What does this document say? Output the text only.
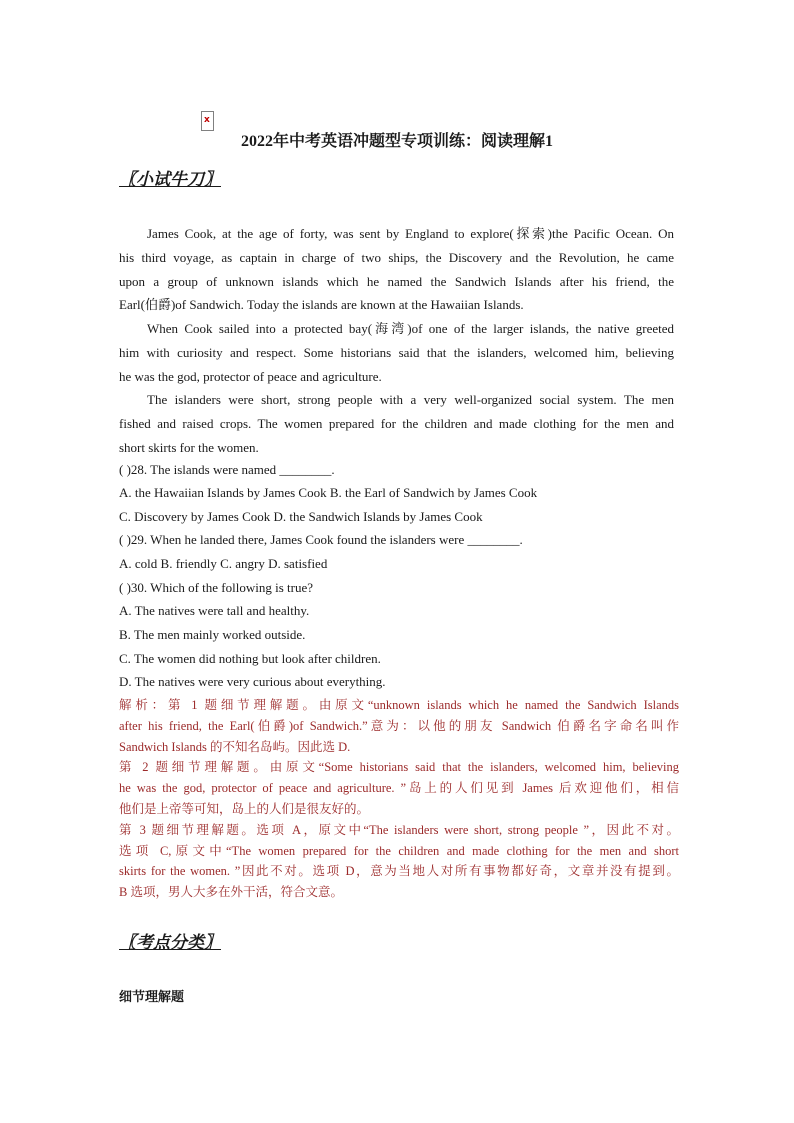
x
2022年中考英语冲题型专项训练：阅读理解1
〖小试牛刀〗
James Cook, at the age of forty, was sent by England to explore(探索)the Pacific Ocean. On
his third voyage, as captain in charge of two ships, the Discovery and the Revolution, he came
upon a group of unknown islands which he named the Sandwich Islands after his friend, the
Earl(伯爵)of Sandwich. Today the islands are known at the Hawaiian Islands.
When Cook sailed into a protected bay(海湾)of one of the larger islands, the native greeted
him with curiosity and respect. Some historians said that the islanders, welcomed him, believing
he was the god, protector of peace and agriculture.
The islanders were short, strong people with a very well-organized social system. The men
fished and raised crops. The women prepared for the children and made clothing for the men and
short skirts for the women.
( )28. The islands were named ________.
A. the Hawaiian Islands by James Cook B. the Earl of Sandwich by James Cook
C. Discovery by James Cook D. the Sandwich Islands by James Cook
( )29. When he landed there, James Cook found the islanders were ________.
A. cold B. friendly C. angry D. satisfied
( )30. Which of the following is true?
A. The natives were tall and healthy.
B. The men mainly worked outside.
C. The women did nothing but look after children.
D. The natives were very curious about everything.
解析：第 1 题细节理解题。由原文“unknown islands which he named the Sandwich Islands
after his friend, the Earl(伯爵)of Sandwich.”意为：以他的朋友 Sandwich 伯爵名字命名叫作
Sandwich Islands 的不知名岛屿。因此选 D.
第 2 题细节理解题。由原文“Some historians said that the islanders, welcomed him, believing
he was the god, protector of peace and agriculture. ”岛上的人们见到 James 后欢迎他们，相信
他们是上帝等可知，岛上的人们是很友好的。
第 3 题细节理解题。选项 A，原文中“The islanders were short, strong people ”，因此不对。
选项 C,原文中“The women prepared for the children and made clothing for the men and short
skirts for the women. ”因此不对。选项 D，意为当地人对所有事物都好奇，文章并没有提到。
B 选项，男人大多在外干活，符合文意。
〖考点分类〗
细节理解题
